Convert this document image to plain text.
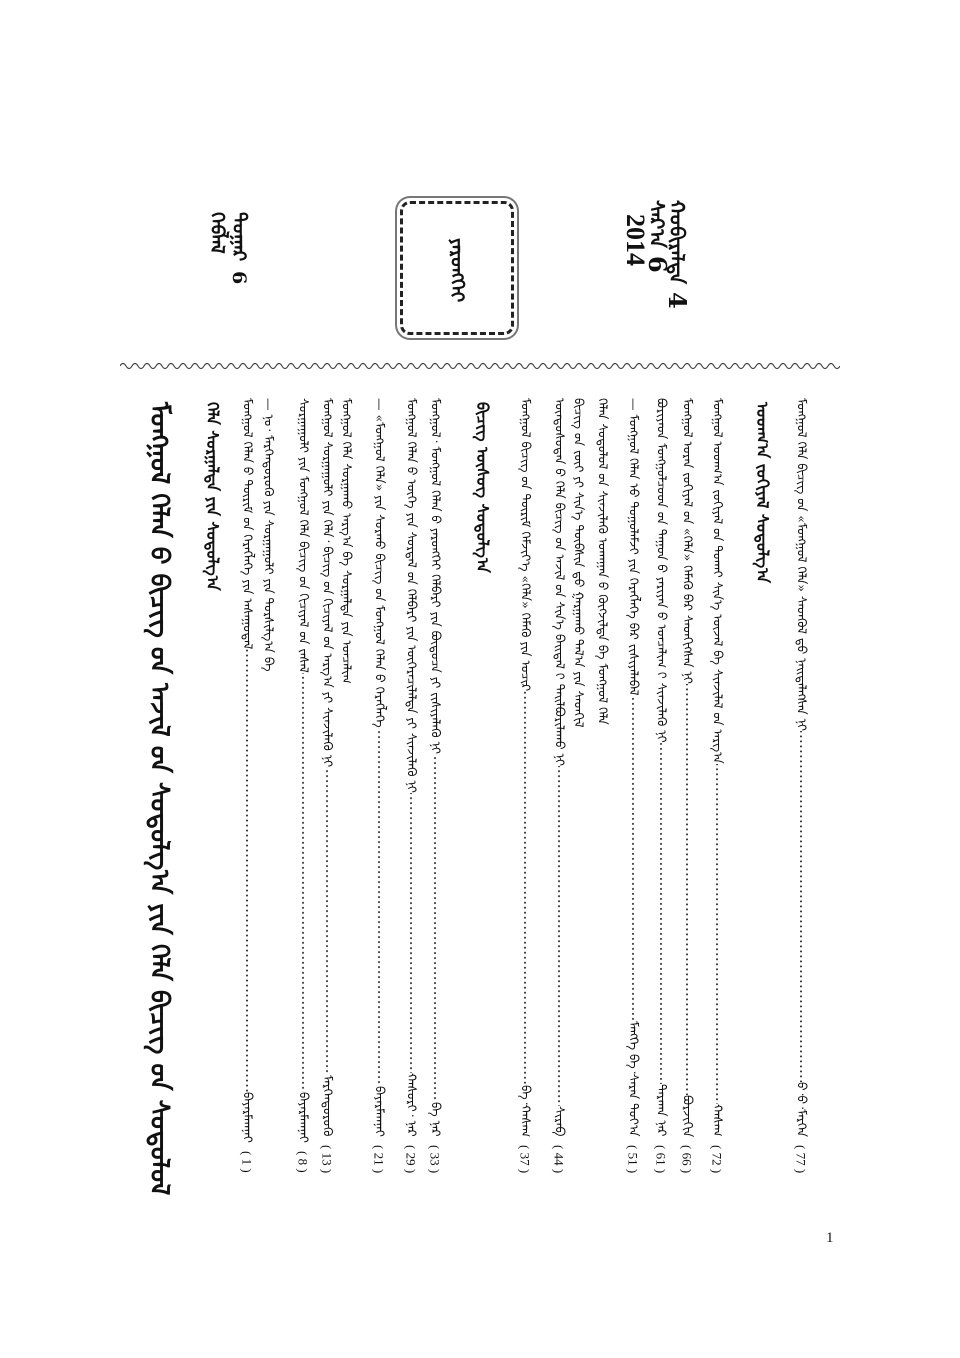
ᠬᠣᠪᠢᠷᠠᠯᠲᠠ
4
ᠰᠠᠷ᠎ᠠ
6
2014
ᠶᠡᠷᠦᠩᠬᠡᠢ
ᠳᠤᠭᠠᠷ
6
ᠬᠡᠪᠯᠡᠯ
ᠮᠣᠩᠭᠣᠯ ᠬᠡᠯᠡ ᠪᠢᠴᠢᠭ ᠤ᠋ᠨ «ᠮᠣᠩᠭᠣᠯ ᠬᠡᠯᠡ» ᠰᠡᠳᠬᠦᠯ ᠳ᠋ᠤ᠌ ᠨᠡᠢᠳᠡᠯᠡᠭᠰᠡᠨ ᠨᠢ
ᠪ᠂ᠪ᠂ᠮᠡᠷᠭᠡᠨ
( 77 )
ᠮᠣᠩᠭᠣᠯ ᠤᠳᠬ᠎ᠠ ᠵᠣᠬᠢᠶᠠᠯ ᠤ᠋ᠨ ᠲᠤᠬᠠᠢ ᠰᠢᠨ᠎ᠡ ᠦᠵᠡᠯ ᠪᠠ ᠰᠢᠨᠵᠢᠯᠡᠯ ᠦ᠋ᠨ ᠠᠷᠭ᠎ᠠ
ᠬᠠᠰᠠᠭ
( 72 )
ᠤᠳᠬ᠎ᠠ ᠵᠣᠬᠢᠶᠠᠯ ᠰᠤᠳᠤᠯᠭ᠎ᠠ
ᠮᠣᠩᠭᠣᠯ ᠤᠷᠠᠨ ᠵᠣᠬᠢᠶᠠᠯ ᠤ᠋ᠨ «ᠬᠡᠯᠡ» ᠬᠡᠮᠡᠬᠦ ᠪᠠᠷ ᠰᠡᠳᠬᠢᠭᠰᠡᠨ ᠨᠢ
ᠪᠣᠷᠵᠢᠭᠢᠨ
( 66 )
ᠪᠤᠷᠢᠶᠠᠳ ᠮᠣᠩᠭᠣᠯᠴᠤᠳ ᠤ᠋ᠨ ᠳᠠᠭᠤᠨ ᠤ᠋ ᠶᠠᠷᠢᠶᠠᠨ ᠤ᠋ ᠣᠨᠴᠠᠯᠢᠭ ᠢ᠋ ᠰᠢᠨᠵᠢᠯᠡᠬᠦ ᠨᠢ
ᠳᠠᠷᠬᠠᠨ ᠨᠠᠷ
( 61 )
— ᠮᠣᠩᠭᠣᠯ ᠬᠡᠯᠡᠨ ᠦ᠋ ᠲᠣᠭᠣᠯᠠᠮᠵᠢ ᠶᠢᠨ ᠬᠡᠷᠡᠭᠯᠡᠭᠡ ᠪᠠᠷ ᠵᠢᠱᠢᠶᠡᠯᠡᠪᠡᠯ
ᠮᠡᠩᠭᠡ ᠪᠠ᠂ᠰᠠᠷᠠᠨ ᠲᠤᠶ᠎ᠠ
( 51 )
ᠬᠡᠯᠡᠨ ᠰᠤᠳᠤᠯᠤᠯ ᠤ᠋ᠨ ᠰᠢᠨᠵᠢᠯᠡᠬᠦ ᠤᠬᠠᠭᠠᠨ ᠤ᠋ ᠬᠥᠭᠵᠢᠯᠲᠡ ᠪᠠ ᠮᠣᠩᠭᠣᠯ ᠬᠡᠯᠡ
ᠪᠢᠴᠢᠭ ᠤ᠋ᠨ ᠵᠦᠢ ᠶᠢ ᠰᠢᠨ᠎ᠡ ᠲᠦᠪᠰᠢᠨ ᠳ᠋ᠦ᠍ ᠭᠠᠷᠭᠠᠬᠤ ᠲᠠᠯ᠎ᠠ ᠶᠢᠨ ᠰᠡᠳᠬᠢᠯ
ᠦᠨᠳᠦᠰᠦᠲᠡᠨ ᠦ᠌ ᠬᠡᠯᠡ ᠪᠢᠴᠢᠭ ᠤ᠋ᠨ ᠠᠵᠢᠯ ᠤ᠋ᠨ ᠰᠢᠨ᠎ᠡ ᠪᠠᠢᠳᠠᠯ ᠢ᠋ ᠲᠠᠢᠯᠪᠤᠷᠢᠯᠠᠬᠤ ᠨᠢ
ᠰᠢᠷᠠᠪ
( 44 )
ᠮᠣᠩᠭᠣᠯ ᠪᠢᠴᠢᠭ ᠤ᠋ᠨ ᠳᠦᠷᠢᠮ ᠬᠡᠮᠵᠢᠶ᠎ᠡ «ᠬᠡᠯᠡ» ᠬᠡᠮᠡᠬᠦ ᠶᠢᠨ ᠤᠴᠢᠷ
ᠪᠠ᠂ᠬᠠᠰᠠᠭ
( 37 )
ᠪᠢᠴᠢᠭ ᠦᠰᠦᠭ ᠰᠤᠳᠤᠯᠭ᠎ᠠ
ᠮᠣᠩᠭᠣᠯ᠂ ᠮᠣᠩᠭᠣᠯ ᠬᠡᠯᠡᠨ ᠦ᠌ ᠶᠡᠷᠦᠩᠬᠡᠢ ᠬᠡᠯᠪᠡᠷᠢ ᠶᠢᠨ ᠪᠦᠲᠦᠴᠡ ᠶᠢ ᠵᠢᠱᠢᠶᠡᠯᠡᠬᠦ ᠨᠢ
ᠪᠠ ᠨᠠᠷ
( 33 )
ᠮᠣᠩᠭᠣᠯ ᠬᠡᠯᠡᠨ ᠦ᠌ ᠦᠭᠡ ᠶᠢᠨ ᠰᠤᠷᠲᠠᠯ ᠤ᠋ᠨ ᠬᠡᠯᠪᠡᠷᠢ ᠶᠢᠨ ᠥᠭᠡᠷᠡᠴᠢᠯᠡᠯᠲᠡ ᠶᠢ ᠰᠢᠨᠵᠢᠯᠡᠬᠦ ᠨᠢ
ᠬᠠᠰᠤᠷᠢ᠂ ᠨᠠᠷ
( 29 )
— «ᠮᠣᠩᠭᠣᠯ ᠬᠡᠯᠡ» ᠶᠢᠨ ᠰᠤᠷᠬᠤ ᠪᠢᠴᠢᠭ ᠤ᠋ᠨ ᠮᠣᠩᠭᠣᠯ ᠬᠡᠯᠡᠨ ᠦ᠌ ᠬᠡᠷᠡᠭᠯᠡᠭᠡ
ᠪᠠᠶᠠᠷᠮᠠᠭᠨᠠᠢ
( 21 )
ᠮᠣᠩᠭᠣᠯ ᠬᠡᠯᠡ ᠰᠤᠷᠭᠠᠬᠤ ᠠᠷᠭ᠎ᠠ ᠪᠠ ᠰᠤᠷᠭᠠᠯᠲᠠ ᠶᠢᠨ ᠣᠨᠴᠠᠯᠢᠭ
ᠮᠣᠩᠭᠣᠯ ᠰᠤᠷᠭᠠᠭᠤᠯᠢ ᠶᠢᠨ ᠬᠡᠯᠡ᠂ ᠪᠢᠴᠢᠭ ᠤ᠋ᠨ ᠬᠢᠴᠢᠶᠡᠯ ᠤ᠋ᠨ ᠠᠷᠭ᠎ᠠ ᠶᠢ ᠰᠢᠨᠵᠢᠯᠡᠬᠦ ᠨᠢ
ᠮᠡᠷᠭᠡᠨᠲᠦᠷᠦᠬᠦ
( 13 )
ᠰᠤᠷᠭᠠᠭᠤᠯᠢ ᠶᠢᠨ ᠮᠣᠩᠭᠣᠯ ᠬᠡᠯᠡ ᠪᠢᠴᠢᠭ ᠤ᠋ᠨ ᠬᠢᠴᠢᠶᠡᠯ ᠦ᠋ᠨ ᠵᠠᠰᠠᠯ
ᠪᠠᠶᠠᠷᠮᠠᠭᠨᠠᠢ
( 8 )
— ᠨᠣ᠂ ᠮᠡᠷᠭᠡᠨᠲᠦᠷᠦᠬᠦ ᠶᠢᠨ ᠰᠤᠷᠭᠠᠭᠤᠯᠢ ᠶᠢᠨ ᠲᠤᠷᠰᠢᠯᠭ᠎ᠠ ᠪᠠ
ᠮᠣᠩᠭᠣᠯ ᠬᠡᠯᠡᠨ ᠦ᠌ ᠳᠦᠷᠢᠮ ᠤ᠋ᠨ ᠬᠡᠷᠡᠭᠯᠡᠭᠡ ᠶᠢᠨ ᠠᠰᠠᠭᠤᠳᠠᠯ
ᠪᠠᠶᠠᠷᠮᠠᠭᠨᠠᠢ
( 1 )
ᠬᠡᠯᠡ ᠰᠤᠷᠭᠠᠯᠲᠠ ᠶᠢᠨ ᠰᠤᠳᠤᠯᠭ᠎ᠠ
ᠮᠣᠩᠭᠣᠯ ᠬᠡᠯᠡᠨ ᠦ᠌ ᠪᠢᠴᠢᠭ ᠤ᠋ᠨ ᠠᠵᠢᠯ ᠤ᠋ᠨ ᠰᠤᠳᠤᠯᠭ᠎ᠠ ᠶᠢᠨ ᠬᠡᠯᠡ ᠪᠢᠴᠢᠭ ᠤ᠋ᠨ ᠰᠤᠳᠤᠯᠤᠯ
1
